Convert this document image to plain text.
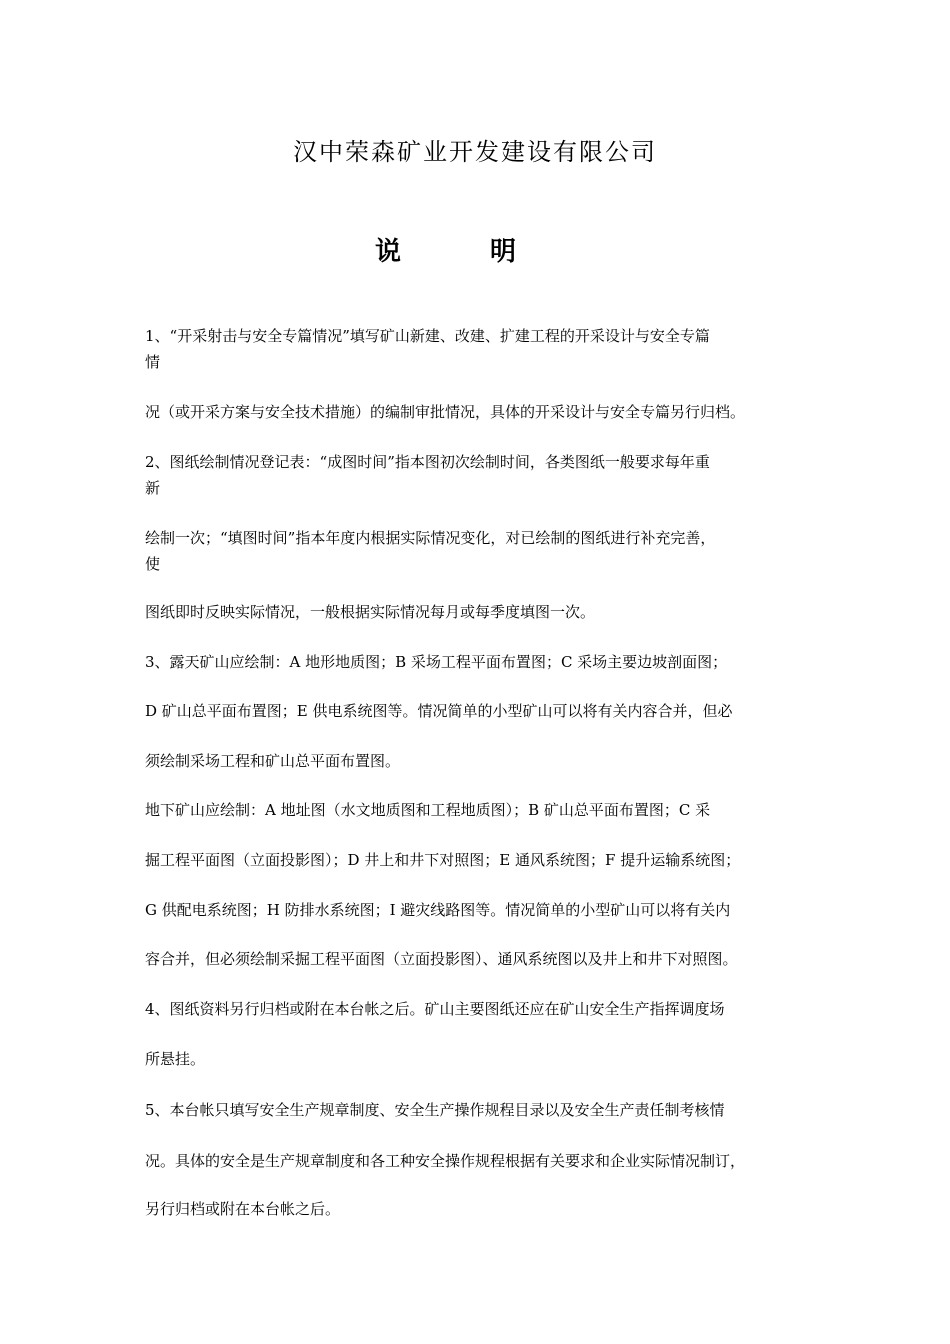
汉中荣森矿业开发建设有限公司
说	明
1、“开采射击与安全专篇情况”填写矿山新建、改建、扩建工程的开采设计与安全专篇
情
况（或开采方案与安全技术措施）的编制审批情况，具体的开采设计与安全专篇另行归档。
2、图纸绘制情况登记表：“成图时间”指本图初次绘制时间，各类图纸一般要求每年重
新
绘制一次；“填图时间”指本年度内根据实际情况变化，对已绘制的图纸进行补充完善，
使
图纸即时反映实际情况，一般根据实际情况每月或每季度填图一次。
3、露天矿山应绘制：A 地形地质图；B 采场工程平面布置图；C 采场主要边坡剖面图；
D 矿山总平面布置图；E 供电系统图等。情况简单的小型矿山可以将有关内容合并，但必
须绘制采场工程和矿山总平面布置图。
地下矿山应绘制：A 地址图（水文地质图和工程地质图）；B 矿山总平面布置图；C 采
掘工程平面图（立面投影图）；D 井上和井下对照图；E 通风系统图；F 提升运输系统图；
G 供配电系统图；H 防排水系统图；I 避灾线路图等。情况简单的小型矿山可以将有关内
容合并，但必须绘制采掘工程平面图（立面投影图）、通风系统图以及井上和井下对照图。
4、图纸资料另行归档或附在本台帐之后。矿山主要图纸还应在矿山安全生产指挥调度场
所悬挂。
5、本台帐只填写安全生产规章制度、安全生产操作规程目录以及安全生产责任制考核情
况。具体的安全是生产规章制度和各工种安全操作规程根据有关要求和企业实际情况制订，
另行归档或附在本台帐之后。
